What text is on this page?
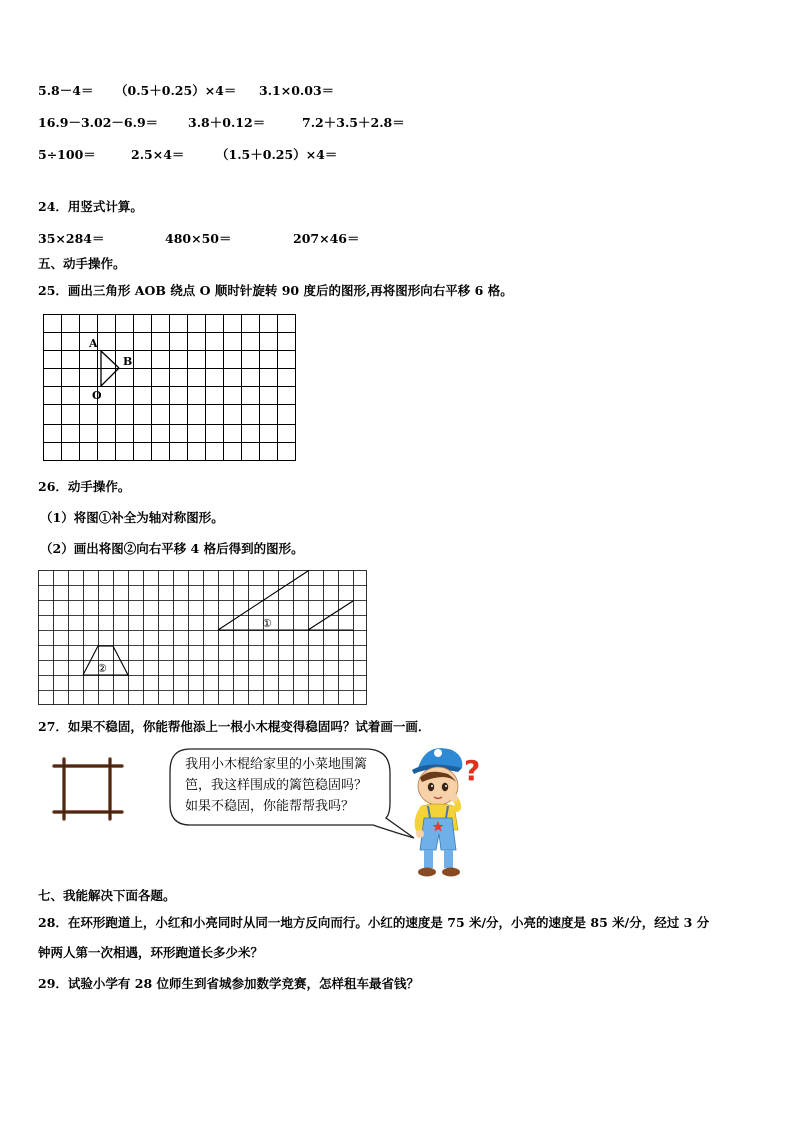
5.8－4＝ （0.5＋0.25）×4＝ 3.1×0.03＝
16.9－3.02－6.9＝ 3.8＋0.12＝	7.2＋3.5＋2.8＝
5÷100＝	2.5×4＝	（1.5＋0.25）×4＝
24．用竖式计算。
35×284＝	480×50＝	207×46＝
五、动手操作。
25．画出三角形 AOB 绕点 O 顺时针旋转 90 度后的图形,再将图形向右平移 6 格。
A
B
O
26．动手操作。
（1）将图①补全为轴对称图形。
（2）画出将图②向右平移 4 格后得到的图形。
①
②
27．如果不稳固，你能帮他添上一根小木棍变得稳固吗？试着画一画．
我用小木棍给家里的小菜地围篱
笆，我这样围成的篱笆稳固吗？
如果不稳固，你能帮帮我吗？
?
七、我能解决下面各题。
28．在环形跑道上，小红和小亮同时从同一地方反向而行。小红的速度是 75 米/分，小亮的速度是 85 米/分，经过 3 分
钟两人第一次相遇，环形跑道长多少米？
29．试验小学有 28 位师生到省城参加数学竞赛，怎样租车最省钱？
